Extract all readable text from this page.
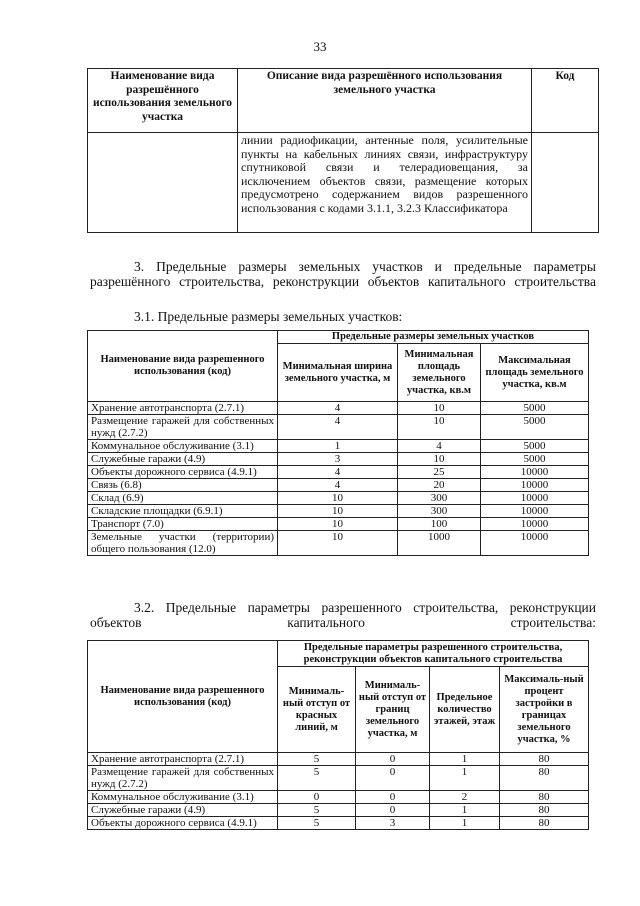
33
Наименование вида разрешённого использования земельного участка	Описание вида разрешённого использования земельного участка	Код
	линии радиофикации, антенные поля, усилительные пункты на кабельных линиях связи, инфраструктуру спутниковой связи и телерадиовещания, за исключением объектов связи, размещение которых предусмотрено содержанием видов разрешенного использования с кодами 3.1.1, 3.2.3 Классификатора	
3. Предельные размеры земельных участков и предельные параметры разрешённого строительства, реконструкции объектов капитального строительства
3.1. Предельные размеры земельных участков:
Наименование вида разрешенного использования (код)	Предельные размеры земельных участков		
	Минимальная ширина земельного участка, м	Минимальная площадь земельного участка, кв.м	Максимальная площадь земельного участка, кв.м
Хранение автотранспорта (2.7.1)	4	10	5000
Размещение гаражей для собственных нужд (2.7.2)	4	10	5000
Коммунальное обслуживание (3.1)	1	4	5000
Служебные гаражи (4.9)	3	10	5000
Объекты дорожного сервиса (4.9.1)	4	25	10000
Связь (6.8)	4	20	10000
Склад (6.9)	10	300	10000
Складские площадки (6.9.1)	10	300	10000
Транспорт (7.0)	10	100	10000
Земельные участки (территории) общего пользования (12.0)	10	1000	10000
3.2. Предельные параметры разрешенного строительства, реконструкции объектов капитального строительства:
Наименование вида разрешенного использования (код)	Предельные параметры разрешенного строительства, реконструкции объектов капитального строительства			
	Минималь-ный отступ от красных линий, м	Минималь-ный отступ от границ земельного участка, м	Предельное количество этажей, этаж	Максималь-ный процент застройки в границах земельного участка, %
Хранение автотранспорта (2.7.1)	5	0	1	80
Размещение гаражей для собственных нужд (2.7.2)	5	0	1	80
Коммунальное обслуживание (3.1)	0	0	2	80
Служебные гаражи (4.9)	5	0	1	80
Объекты дорожного сервиса (4.9.1)	5	3	1	80
